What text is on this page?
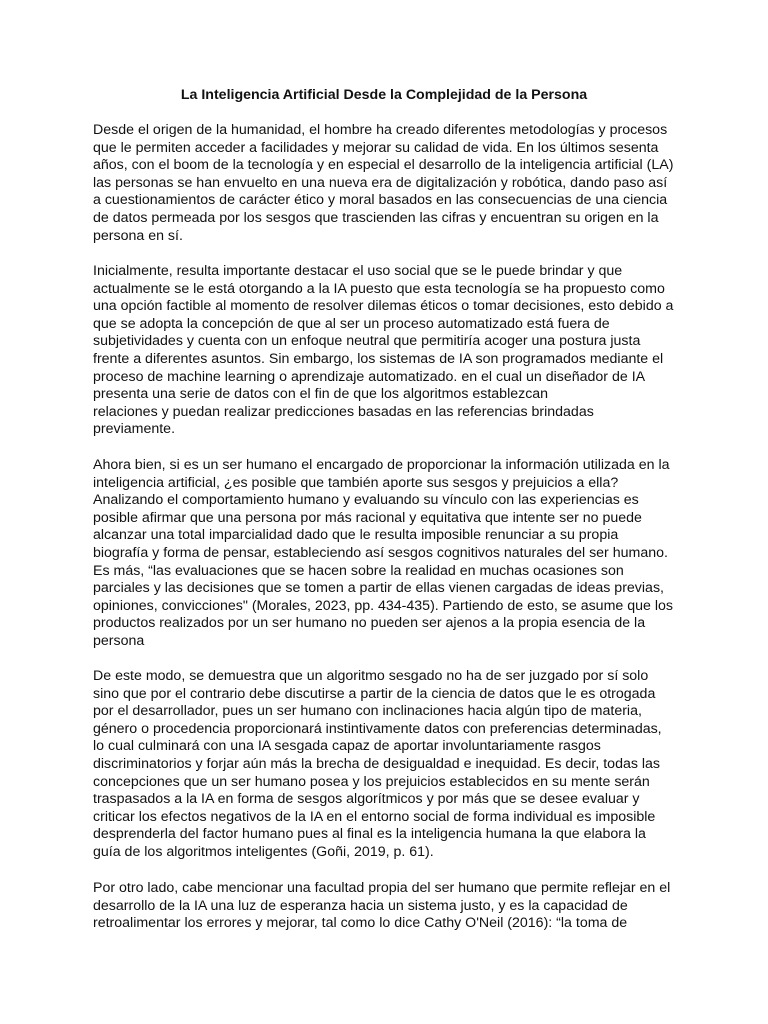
La Inteligencia Artificial Desde la Complejidad de la Persona
Desde el origen de la humanidad, el hombre ha creado diferentes metodologías y procesos
que le permiten acceder a facilidades y mejorar su calidad de vida. En los últimos sesenta
años, con el boom de la tecnología y en especial el desarrollo de la inteligencia artificial (LA)
las personas se han envuelto en una nueva era de digitalización y robótica, dando paso así
a cuestionamientos de carácter ético y moral basados en las consecuencias de una ciencia
de datos permeada por los sesgos que trascienden las cifras y encuentran su origen en la
persona en sí.
Inicialmente, resulta importante destacar el uso social que se le puede brindar y que
actualmente se le está otorgando a la IA puesto que esta tecnología se ha propuesto como
una opción factible al momento de resolver dilemas éticos o tomar decisiones, esto debido a
que se adopta la concepción de que al ser un proceso automatizado está fuera de
subjetividades y cuenta con un enfoque neutral que permitiría acoger una postura justa
frente a diferentes asuntos. Sin embargo, los sistemas de IA son programados mediante el
proceso de machine learning o aprendizaje automatizado. en el cual un diseñador de IA
presenta una serie de datos con el fin de que los algoritmos establezcan
relaciones y puedan realizar predicciones basadas en las referencias brindadas
previamente.
Ahora bien, si es un ser humano el encargado de proporcionar la información utilizada en la
inteligencia artificial, ¿es posible que también aporte sus sesgos y prejuicios a ella?
Analizando el comportamiento humano y evaluando su vínculo con las experiencias es
posible afirmar que una persona por más racional y equitativa que intente ser no puede
alcanzar una total imparcialidad dado que le resulta imposible renunciar a su propia
biografía y forma de pensar, estableciendo así sesgos cognitivos naturales del ser humano.
Es más, “las evaluaciones que se hacen sobre la realidad en muchas ocasiones son
parciales y las decisiones que se tomen a partir de ellas vienen cargadas de ideas previas,
opiniones, convicciones" (Morales, 2023, pp. 434-435). Partiendo de esto, se asume que los
productos realizados por un ser humano no pueden ser ajenos a la propia esencia de la
persona
De este modo, se demuestra que un algoritmo sesgado no ha de ser juzgado por sí solo
sino que por el contrario debe discutirse a partir de la ciencia de datos que le es otrogada
por el desarrollador, pues un ser humano con inclinaciones hacia algún tipo de materia,
género o procedencia proporcionará instintivamente datos con preferencias determinadas,
lo cual culminará con una IA sesgada capaz de aportar involuntariamente rasgos
discriminatorios y forjar aún más la brecha de desigualdad e inequidad. Es decir, todas las
concepciones que un ser humano posea y los prejuicios establecidos en su mente serán
traspasados a la IA en forma de sesgos algorítmicos y por más que se desee evaluar y
criticar los efectos negativos de la IA en el entorno social de forma individual es imposible
desprenderla del factor humano pues al final es la inteligencia humana la que elabora la
guía de los algoritmos inteligentes (Goñi, 2019, p. 61).
Por otro lado, cabe mencionar una facultad propia del ser humano que permite reflejar en el
desarrollo de la IA una luz de esperanza hacia un sistema justo, y es la capacidad de
retroalimentar los errores y mejorar, tal como lo dice Cathy O'Neil (2016): “la toma de
